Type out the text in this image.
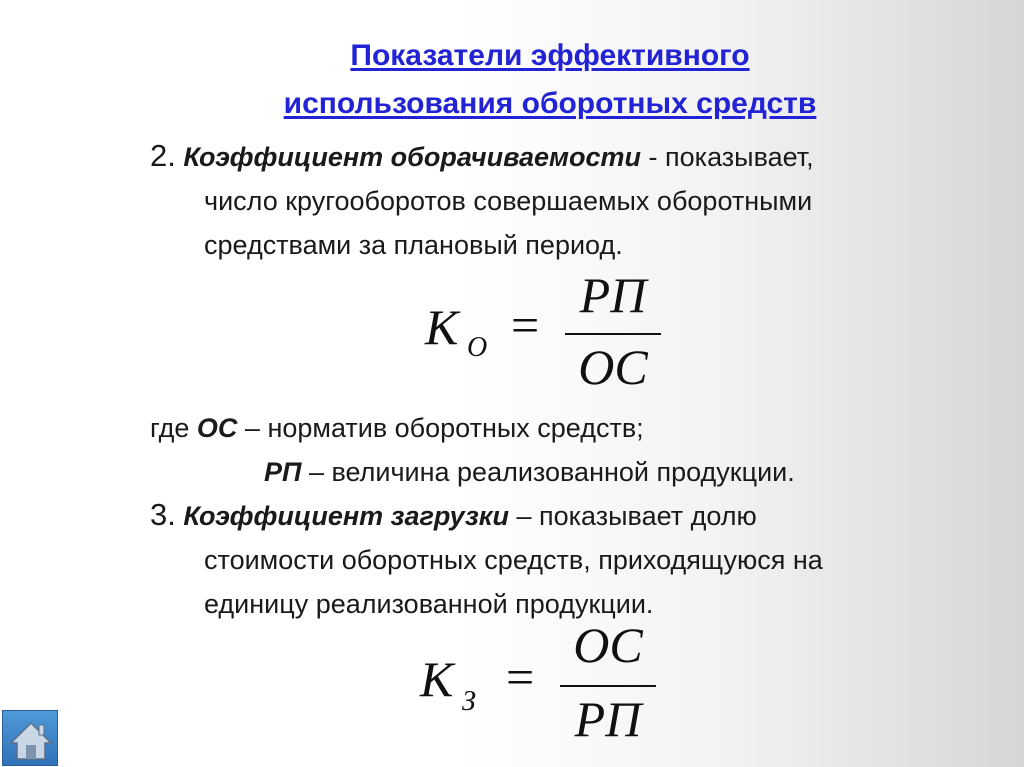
Показатели эффективного
использования оборотных средств
2. Коэффициент оборачиваемости - показывает,
число кругооборотов совершаемых оборотными
средствами за плановый период.
К О =
РП
ОС
где ОС – норматив оборотных средств;
РП – величина реализованной продукции.
3. Коэффициент загрузки – показывает долю
стоимости оборотных средств, приходящуюся на
единицу реализованной продукции.
К З =
ОС
РП
